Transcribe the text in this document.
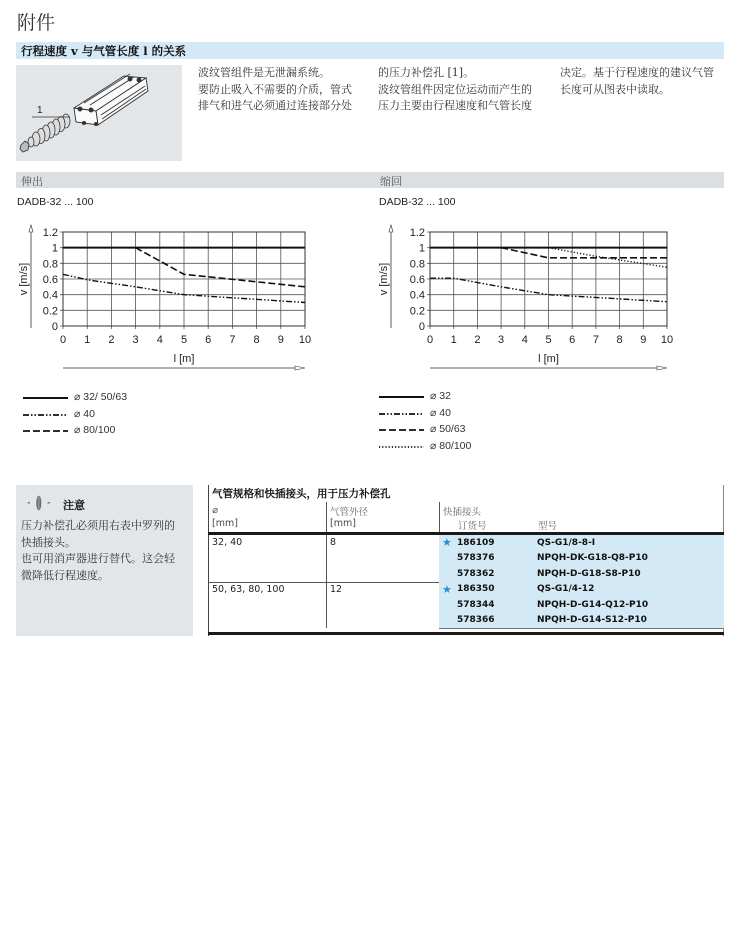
附件
行程速度 v 与气管长度 l 的关系
1
波纹管组件是无泄漏系统。
要防止吸入不需要的介质，管式
排气和进气必须通过连接部分处
的压力补偿孔 [1]。
波纹管组件因定位运动而产生的
压力主要由行程速度和气管长度
决定。基于行程速度的建议气管
长度可从图表中读取。
伸出	缩回
DADB-32 ... 100	DADB-32 ... 100
0 1 2 3 4 5 6 7 8 9 10
0
0.2
0.4
0.6
0.8
1
1.2
v [m/s]
l [m]
0 1 2 3 4 5 6 7 8 9 10
0
0.2
0.4
0.6
0.8
1
1.2
v [m/s]
l [m]
⌀ 32/ 50/63
⌀ 40
⌀ 80/100
⌀ 32
⌀ 40
⌀ 50/63
⌀ 80/100
注意
压力补偿孔必须用右表中罗列的
快插接头。
也可用消声器进行替代。这会轻
微降低行程速度。
气管规格和快插接头，用于压力补偿孔
⌀
[mm]
气管外径
[mm]
快插接头
订货号	型号
32, 40	8	★ 186109	QS-G1/8-8-I
578376	NPQH-DK-G18-Q8-P10
578362	NPQH-D-G18-S8-P10
50, 63, 80, 100	12	★ 186350	QS-G1/4-12
578344	NPQH-D-G14-Q12-P10
578366	NPQH-D-G14-S12-P10
